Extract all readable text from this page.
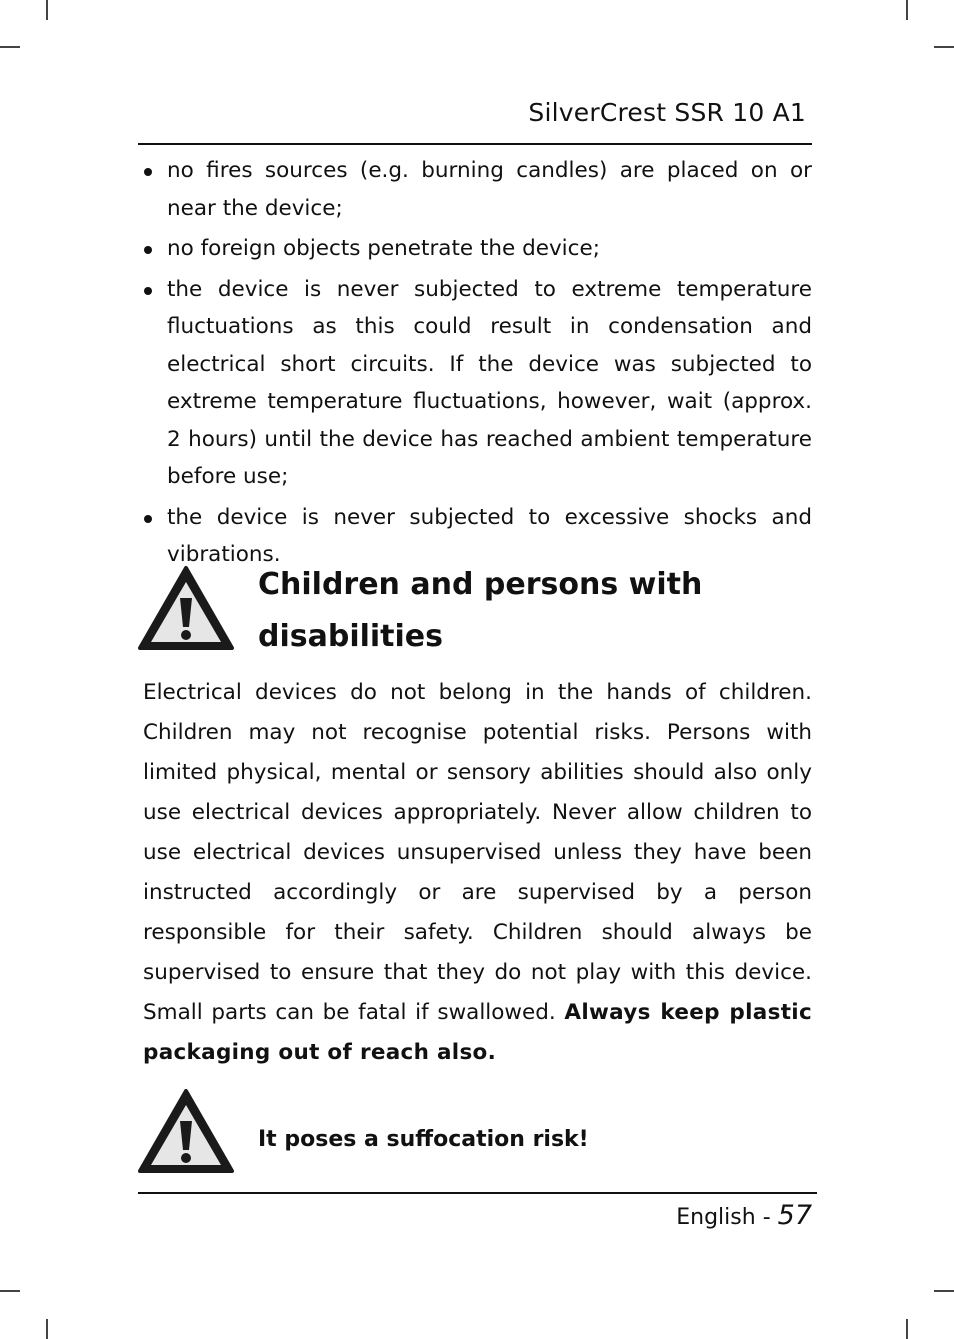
SilverCrest SSR 10 A1
no fires sources (e.g. burning candles) are placed on or near the device;
no foreign objects penetrate the device;
the device is never subjected to extreme temperature fluctuations as this could result in condensation and electrical short circuits. If the device was subjected to extreme temperature fluctuations, however, wait (approx. 2 hours) until the device has reached ambient temperature before use;
the device is never subjected to excessive shocks and vibrations.
Children and persons with
disabilities

Electrical devices do not belong in the hands of children. Children may not recognise potential risks. Persons with limited physical, mental or sensory abilities should also only use electrical devices appropriately. Never allow children to use electrical devices unsupervised unless they have been instructed accordingly or are supervised by a person responsible for their safety. Children should always be supervised to ensure that they do not play with this device. Small parts can be fatal if swallowed. Always keep plastic packaging out of reach also.

It poses a suffocation risk!
English - 57
